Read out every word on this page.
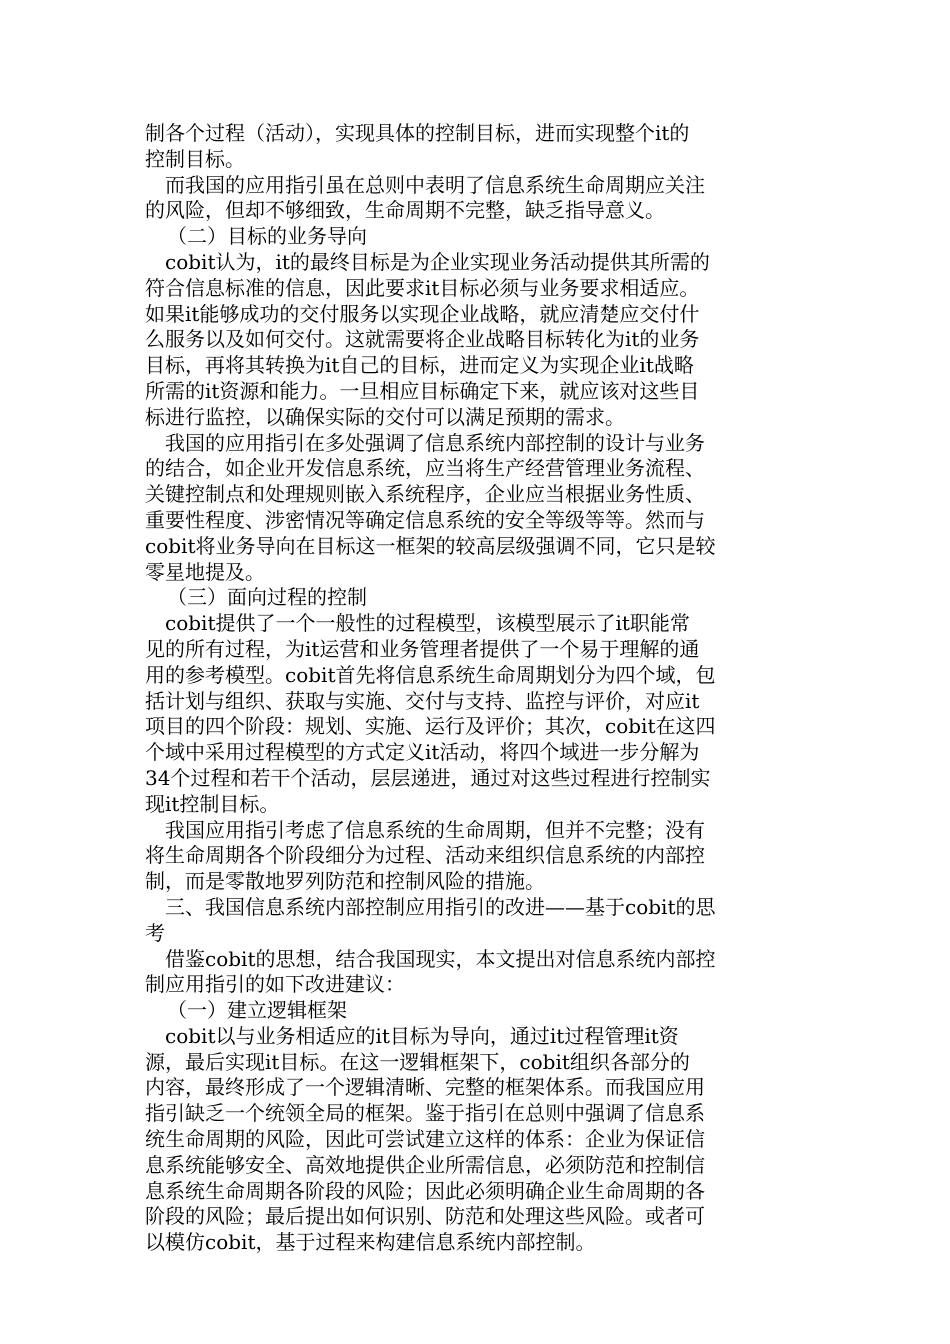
制各个过程（活动），实现具体的控制目标，进而实现整个it的
控制目标。
而我国的应用指引虽在总则中表明了信息系统生命周期应关注
的风险，但却不够细致，生命周期不完整，缺乏指导意义。
（二）目标的业务导向
cobit认为，it的最终目标是为企业实现业务活动提供其所需的
符合信息标准的信息，因此要求it目标必须与业务要求相适应。
如果it能够成功的交付服务以实现企业战略，就应清楚应交付什
么服务以及如何交付。这就需要将企业战略目标转化为it的业务
目标，再将其转换为it自己的目标，进而定义为实现企业it战略
所需的it资源和能力。一旦相应目标确定下来，就应该对这些目
标进行监控，以确保实际的交付可以满足预期的需求。
我国的应用指引在多处强调了信息系统内部控制的设计与业务
的结合，如企业开发信息系统，应当将生产经营管理业务流程、
关键控制点和处理规则嵌入系统程序，企业应当根据业务性质、
重要性程度、涉密情况等确定信息系统的安全等级等等。然而与
cobit将业务导向在目标这一框架的较高层级强调不同，它只是较
零星地提及。
（三）面向过程的控制
cobit提供了一个一般性的过程模型，该模型展示了it职能常
见的所有过程，为it运营和业务管理者提供了一个易于理解的通
用的参考模型。cobit首先将信息系统生命周期划分为四个域，包
括计划与组织、获取与实施、交付与支持、监控与评价，对应it
项目的四个阶段：规划、实施、运行及评价；其次，cobit在这四
个域中采用过程模型的方式定义it活动，将四个域进一步分解为
34个过程和若干个活动，层层递进，通过对这些过程进行控制实
现it控制目标。
我国应用指引考虑了信息系统的生命周期，但并不完整；没有
将生命周期各个阶段细分为过程、活动来组织信息系统的内部控
制，而是零散地罗列防范和控制风险的措施。
三、我国信息系统内部控制应用指引的改进——基于cobit的思
考
借鉴cobit的思想，结合我国现实，本文提出对信息系统内部控
制应用指引的如下改进建议：
（一）建立逻辑框架
cobit以与业务相适应的it目标为导向，通过it过程管理it资
源，最后实现it目标。在这一逻辑框架下，cobit组织各部分的
内容，最终形成了一个逻辑清晰、完整的框架体系。而我国应用
指引缺乏一个统领全局的框架。鉴于指引在总则中强调了信息系
统生命周期的风险，因此可尝试建立这样的体系：企业为保证信
息系统能够安全、高效地提供企业所需信息，必须防范和控制信
息系统生命周期各阶段的风险；因此必须明确企业生命周期的各
阶段的风险；最后提出如何识别、防范和处理这些风险。或者可
以模仿cobit，基于过程来构建信息系统内部控制。
